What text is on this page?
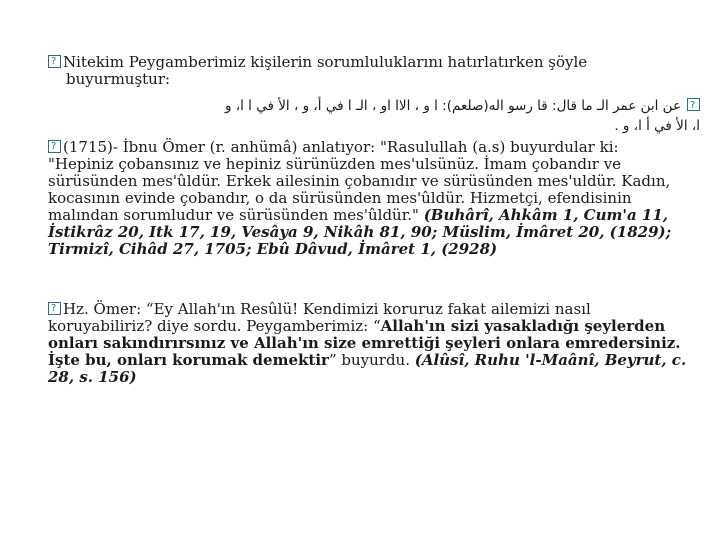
?Nitekim Peygamberimiz kişilerin sorumluluklarını hatırlatırken şöyle
buyurmuştur:
?عن ابن عمر الـ ما قال: قا رسو اله(صلعم): ا و ، الاا او ، الـ ا في أ، و ، الأ في ا ا، و
ا، الأ في أ ا، و .
?(1715)- İbnu Ömer (r. anhümâ) anlatıyor: "Rasulullah (a.s) buyurdular ki: "Hepiniz çobansınız ve hepiniz sürünüzden mes'ulsünüz. İmam çobandır ve sürüsünden mes'ûldür. Erkek ailesinin çobanıdır ve sürüsünden mes'uldür. Kadın, kocasının evinde çobandır, o da sürüsünden mes'ûldür. Hizmetçi, efendisinin malından sorumludur ve sürüsünden mes'ûldür." (Buhârî, Ahkâm 1, Cum'a 11, İstikrâz 20, Itk 17, 19, Vesâya 9, Nikâh 81, 90; Müslim, İmâret 20, (1829); Tirmizî, Cihâd 27, 1705; Ebû Dâvud, İmâret 1, (2928)
?Hz. Ömer: “Ey Allah'ın Resûlü! Kendimizi koruruz fakat ailemizi nasıl koruyabiliriz? diye sordu. Peygamberimiz: “Allah'ın sizi yasakladığı şeylerden onları sakındırırsınız ve Allah'ın size emrettiği şeyleri onlara emredersiniz. İşte bu, onları korumak demektir” buyurdu. (Alûsî, Ruhu 'l-Maânî, Beyrut, c. 28, s. 156)
